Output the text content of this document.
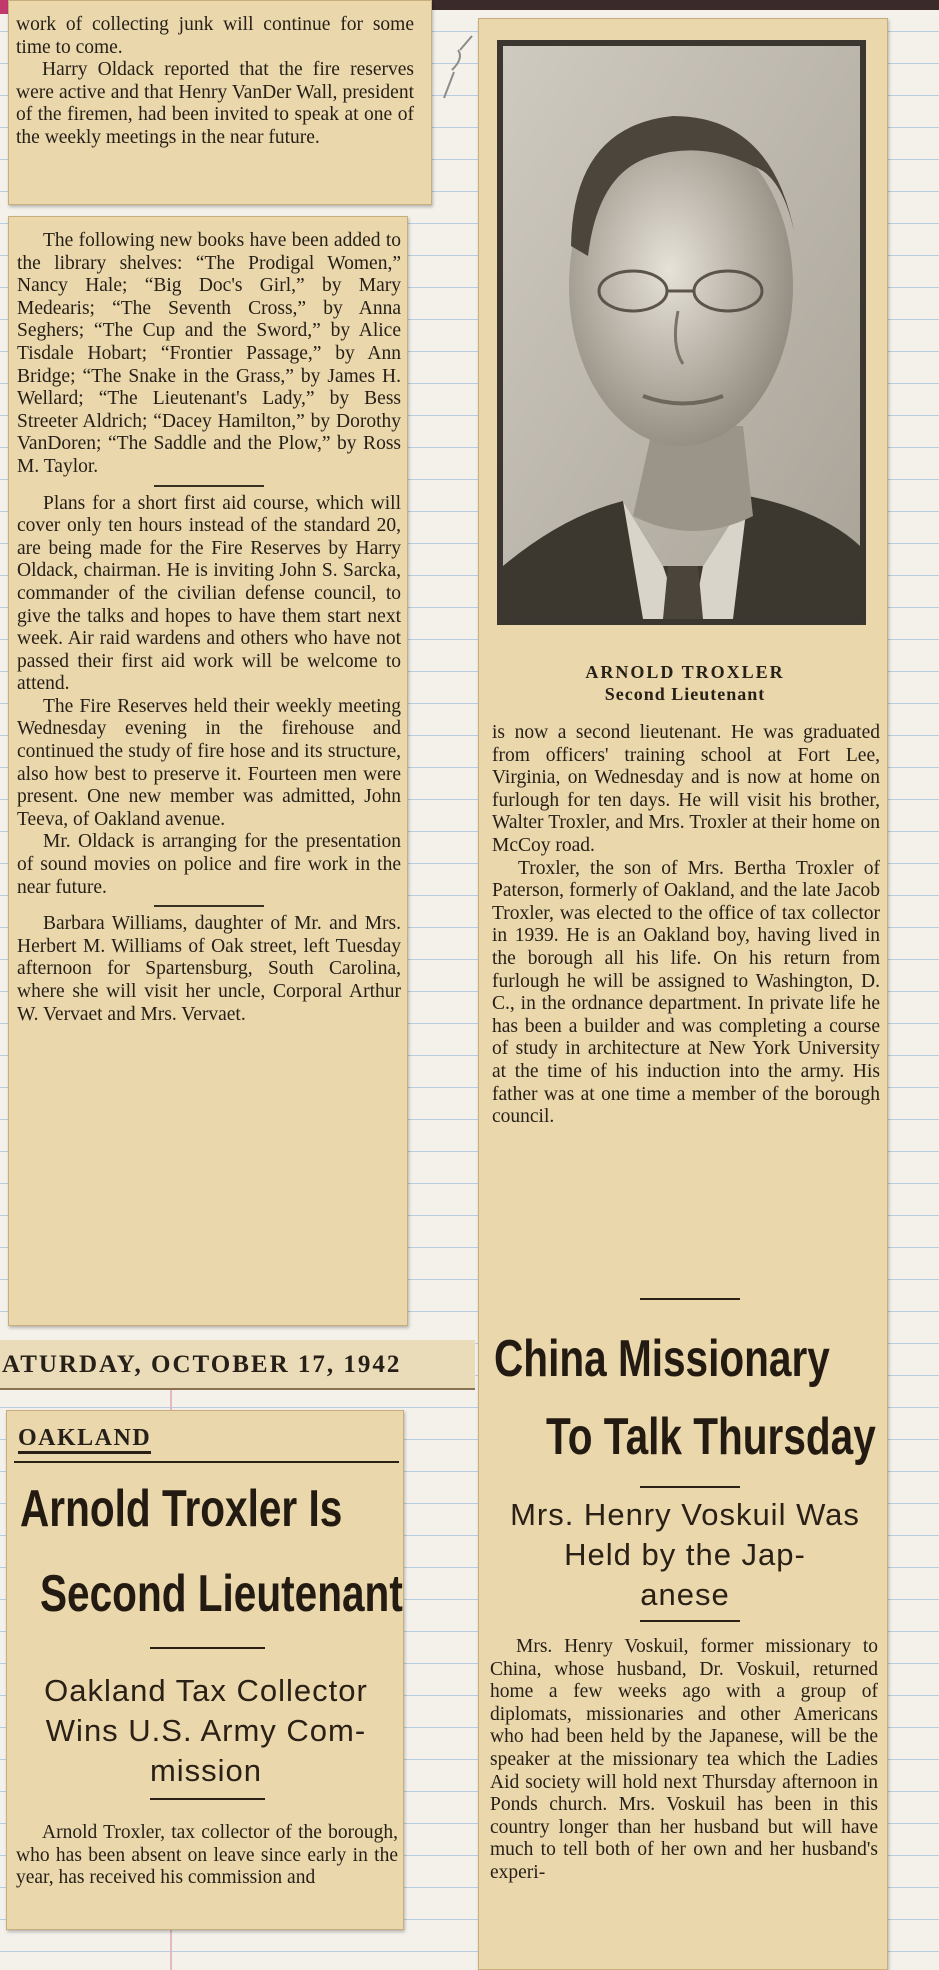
work of collecting junk will continue for some time to come.

Harry Oldack reported that the fire reserves were active and that Henry VanDer Wall, president of the firemen, had been invited to speak at one of the weekly meetings in the near future.

The following new books have been added to the library shelves: “The Prodigal Women,” Nancy Hale; “Big Doc's Girl,” by Mary Medearis; “The Seventh Cross,” by Anna Seghers; “The Cup and the Sword,” by Alice Tisdale Hobart; “Frontier Passage,” by Ann Bridge; “The Snake in the Grass,” by James H. Wellard; “The Lieutenant's Lady,” by Bess Streeter Aldrich; “Dacey Hamilton,” by Dorothy VanDoren; “The Saddle and the Plow,” by Ross M. Taylor.

Plans for a short first aid course, which will cover only ten hours instead of the standard 20, are being made for the Fire Reserves by Harry Oldack, chairman. He is inviting John S. Sarcka, commander of the civilian defense council, to give the talks and hopes to have them start next week. Air raid wardens and others who have not passed their first aid work will be welcome to attend.

The Fire Reserves held their weekly meeting Wednesday evening in the firehouse and continued the study of fire hose and its structure, also how best to preserve it. Fourteen men were present. One new member was admitted, John Teeva, of Oakland avenue.

Mr. Oldack is arranging for the presentation of sound movies on police and fire work in the near future.

Barbara Williams, daughter of Mr. and Mrs. Herbert M. Williams of Oak street, left Tuesday afternoon for Spartensburg, South Carolina, where she will visit her uncle, Corporal Arthur W. Vervaet and Mrs. Vervaet.

ATURDAY, OCTOBER 17, 1942
OAKLAND
Arnold Troxler Is
Second Lieutenant
Oakland Tax Collector
Wins U.S. Army Com-
mission

Arnold Troxler, tax collector of the borough, who has been absent on leave since early in the year, has received his commission and

ARNOLD TROXLER
Second Lieutenant

is now a second lieutenant. He was graduated from officers' training school at Fort Lee, Virginia, on Wednesday and is now at home on furlough for ten days. He will visit his brother, Walter Troxler, and Mrs. Troxler at their home on McCoy road.

Troxler, the son of Mrs. Bertha Troxler of Paterson, formerly of Oakland, and the late Jacob Troxler, was elected to the office of tax collector in 1939. He is an Oakland boy, having lived in the borough all his life. On his return from furlough he will be assigned to Washington, D. C., in the ordnance department. In private life he has been a builder and was completing a course of study in architecture at New York University at the time of his induction into the army. His father was at one time a member of the borough council.

China Missionary
To Talk Thursday
Mrs. Henry Voskuil Was
Held by the Jap-
anese

Mrs. Henry Voskuil, former missionary to China, whose husband, Dr. Voskuil, returned home a few weeks ago with a group of diplomats, missionaries and other Americans who had been held by the Japanese, will be the speaker at the missionary tea which the Ladies Aid society will hold next Thursday afternoon in Ponds church. Mrs. Voskuil has been in this country longer than her husband but will have much to tell both of her own and her husband's experi-
